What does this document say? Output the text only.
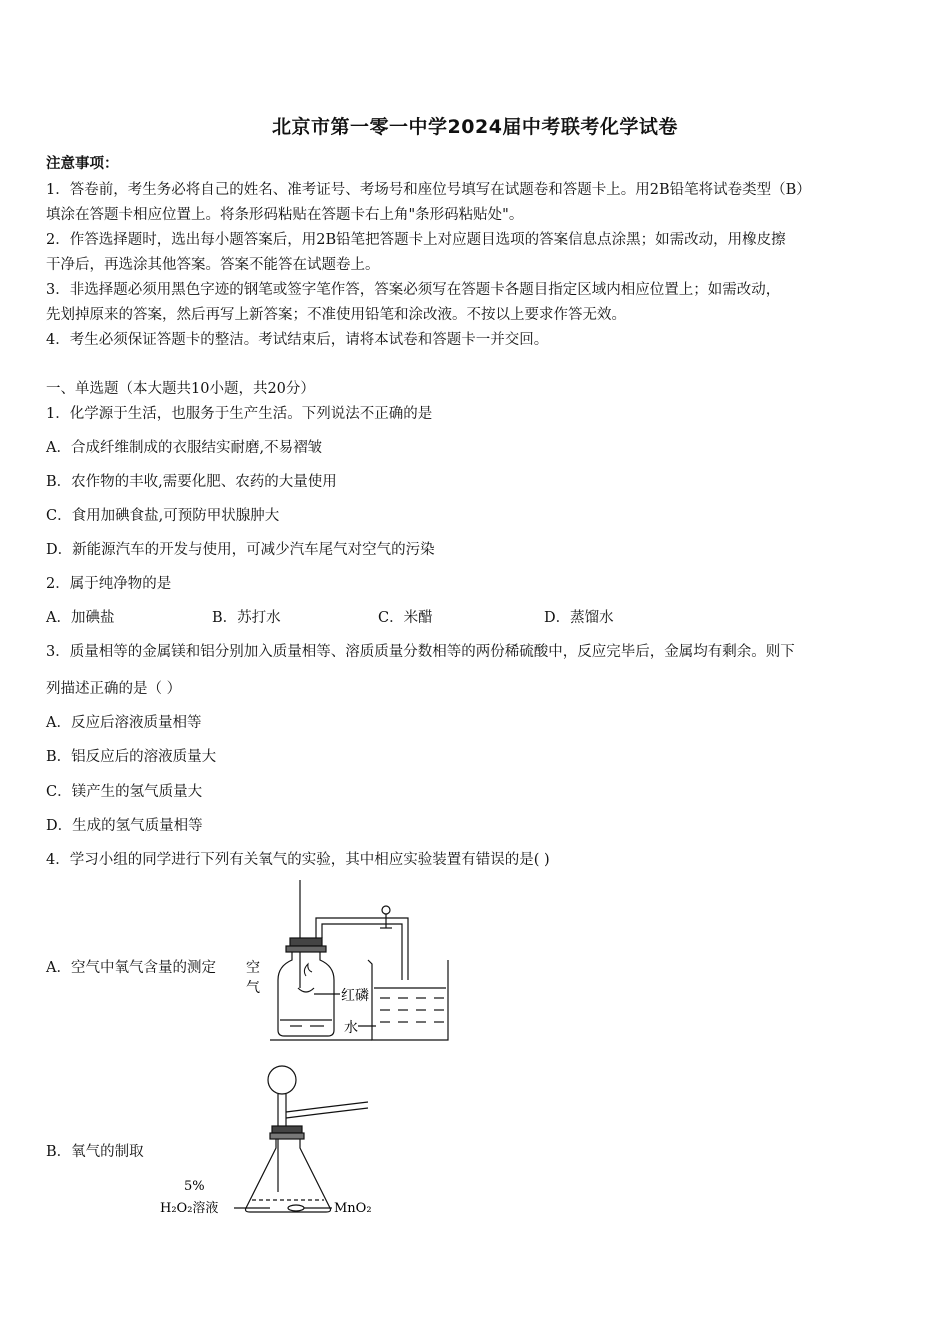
北京市第一零一中学2024届中考联考化学试卷
注意事项：
1．答卷前，考生务必将自己的姓名、准考证号、考场号和座位号填写在试题卷和答题卡上。用2B铅笔将试卷类型（B）
填涂在答题卡相应位置上。将条形码粘贴在答题卡右上角"条形码粘贴处"。
2．作答选择题时，选出每小题答案后，用2B铅笔把答题卡上对应题目选项的答案信息点涂黑；如需改动，用橡皮擦
干净后，再选涂其他答案。答案不能答在试题卷上。
3．非选择题必须用黑色字迹的钢笔或签字笔作答，答案必须写在答题卡各题目指定区域内相应位置上；如需改动，
先划掉原来的答案，然后再写上新答案；不准使用铅笔和涂改液。不按以上要求作答无效。
4．考生必须保证答题卡的整洁。考试结束后，请将本试卷和答题卡一并交回。
一、单选题（本大题共10小题，共20分）
1．化学源于生活，也服务于生产生活。下列说法不正确的是
A．合成纤维制成的衣服结实耐磨,不易褶皱
B．农作物的丰收,需要化肥、农药的大量使用
C．食用加碘食盐,可预防甲状腺肿大
D．新能源汽车的开发与使用，可减少汽车尾气对空气的污染
2．属于纯净物的是
A．加碘盐	B．苏打水	C．米醋	D．蒸馏水
3．质量相等的金属镁和铝分别加入质量相等、溶质质量分数相等的两份稀硫酸中，反应完毕后，金属均有剩余。则下
列描述正确的是（ ）
A．反应后溶液质量相等
B．铝反应后的溶液质量大
C．镁产生的氢气质量大
D．生成的氢气质量相等
4．学习小组的同学进行下列有关氧气的实验，其中相应实验装置有错误的是( )
A．空气中氧气含量的测定 空
气	红磷
水
B．氧气的制取
5%
H₂O₂溶液	MnO₂
